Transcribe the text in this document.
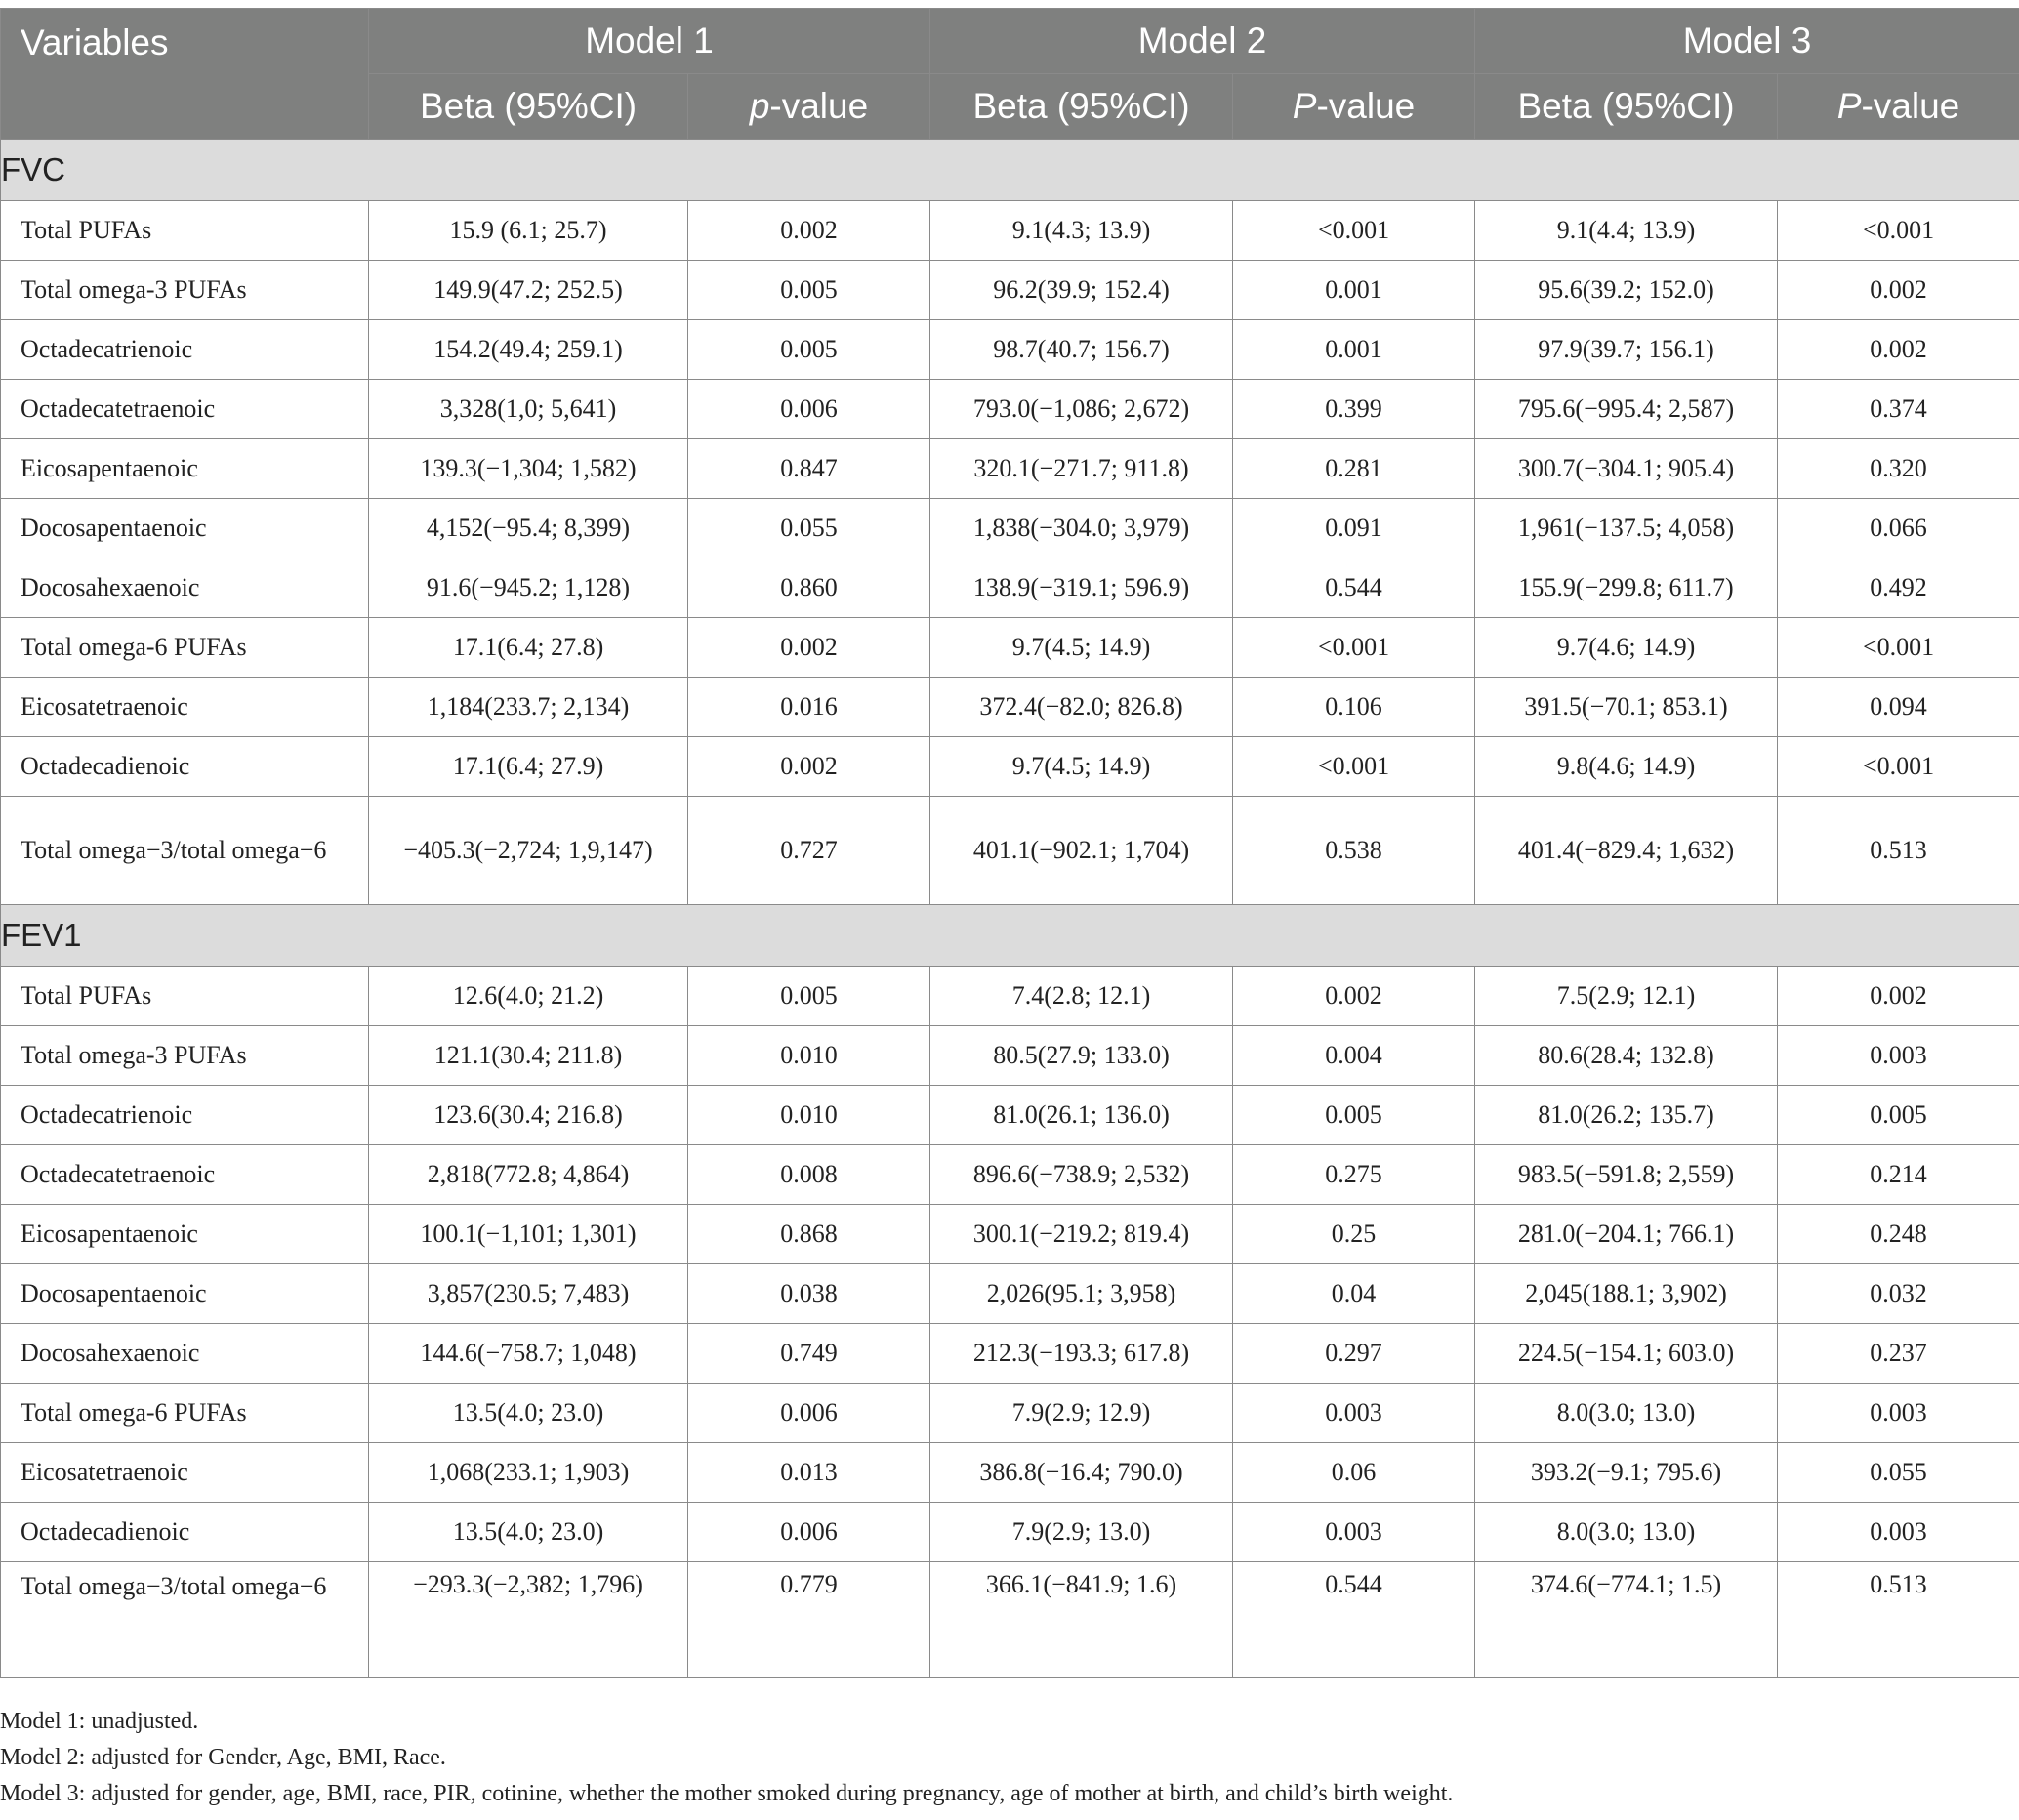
Variables	Model 1		Model 2		Model 3	
	Beta (95%CI)	p-value	Beta (95%CI)	P-value	Beta (95%CI)	P-value
FVC						
Total PUFAs	15.9 (6.1; 25.7)	0.002	9.1(4.3; 13.9)	<0.001	9.1(4.4; 13.9)	<0.001
Total omega-3 PUFAs	149.9(47.2; 252.5)	0.005	96.2(39.9; 152.4)	0.001	95.6(39.2; 152.0)	0.002
Octadecatrienoic	154.2(49.4; 259.1)	0.005	98.7(40.7; 156.7)	0.001	97.9(39.7; 156.1)	0.002
Octadecatetraenoic	3,328(1,0; 5,641)	0.006	793.0(−1,086; 2,672)	0.399	795.6(−995.4; 2,587)	0.374
Eicosapentaenoic	139.3(−1,304; 1,582)	0.847	320.1(−271.7; 911.8)	0.281	300.7(−304.1; 905.4)	0.320
Docosapentaenoic	4,152(−95.4; 8,399)	0.055	1,838(−304.0; 3,979)	0.091	1,961(−137.5; 4,058)	0.066
Docosahexaenoic	91.6(−945.2; 1,128)	0.860	138.9(−319.1; 596.9)	0.544	155.9(−299.8; 611.7)	0.492
Total omega-6 PUFAs	17.1(6.4; 27.8)	0.002	9.7(4.5; 14.9)	<0.001	9.7(4.6; 14.9)	<0.001
Eicosatetraenoic	1,184(233.7; 2,134)	0.016	372.4(−82.0; 826.8)	0.106	391.5(−70.1; 853.1)	0.094
Octadecadienoic	17.1(6.4; 27.9)	0.002	9.7(4.5; 14.9)	<0.001	9.8(4.6; 14.9)	<0.001
Total omega−3/total omega−6	−405.3(−2,724; 1,9,147)	0.727	401.1(−902.1; 1,704)	0.538	401.4(−829.4; 1,632)	0.513
FEV1						
Total PUFAs	12.6(4.0; 21.2)	0.005	7.4(2.8; 12.1)	0.002	7.5(2.9; 12.1)	0.002
Total omega-3 PUFAs	121.1(30.4; 211.8)	0.010	80.5(27.9; 133.0)	0.004	80.6(28.4; 132.8)	0.003
Octadecatrienoic	123.6(30.4; 216.8)	0.010	81.0(26.1; 136.0)	0.005	81.0(26.2; 135.7)	0.005
Octadecatetraenoic	2,818(772.8; 4,864)	0.008	896.6(−738.9; 2,532)	0.275	983.5(−591.8; 2,559)	0.214
Eicosapentaenoic	100.1(−1,101; 1,301)	0.868	300.1(−219.2; 819.4)	0.25	281.0(−204.1; 766.1)	0.248
Docosapentaenoic	3,857(230.5; 7,483)	0.038	2,026(95.1; 3,958)	0.04	2,045(188.1; 3,902)	0.032
Docosahexaenoic	144.6(−758.7; 1,048)	0.749	212.3(−193.3; 617.8)	0.297	224.5(−154.1; 603.0)	0.237
Total omega-6 PUFAs	13.5(4.0; 23.0)	0.006	7.9(2.9; 12.9)	0.003	8.0(3.0; 13.0)	0.003
Eicosatetraenoic	1,068(233.1; 1,903)	0.013	386.8(−16.4; 790.0)	0.06	393.2(−9.1; 795.6)	0.055
Octadecadienoic	13.5(4.0; 23.0)	0.006	7.9(2.9; 13.0)	0.003	8.0(3.0; 13.0)	0.003
Total omega−3/total omega−6	−293.3(−2,382; 1,796)	0.779	366.1(−841.9; 1.6)	0.544	374.6(−774.1; 1.5)	0.513
Model 1: unadjusted.
Model 2: adjusted for Gender, Age, BMI, Race.
Model 3: adjusted for gender, age, BMI, race, PIR, cotinine, whether the mother smoked during pregnancy, age of mother at birth, and child’s birth weight.
